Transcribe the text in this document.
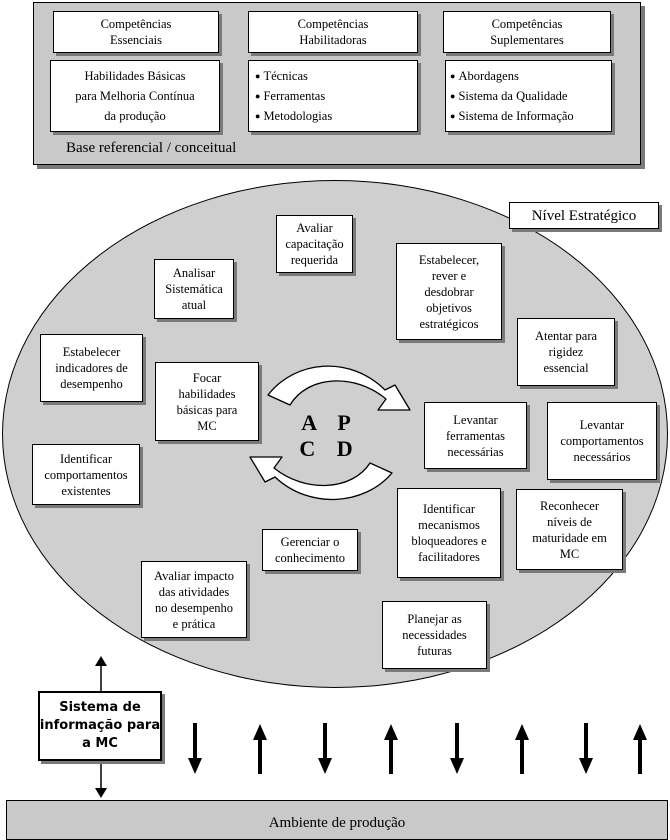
Competências
Essenciais
Competências
Habilitadoras
Competências
Suplementares
Habilidades Básicas
para Melhoria Contínua
da produção
● Técnicas
● Ferramentas
● Metodologias
● Abordagens
● Sistema da Qualidade
● Sistema de Informação
Base referencial / conceitual
Nível Estratégico
A P
C D
Avaliar
capacitação
requerida
Analisar
Sistemática
atual
Estabelecer,
rever e
desdobrar
objetivos
estratégicos
Atentar para
rigidez
essencial
Estabelecer
indicadores de
desempenho	Focar
habilidades
básicas para
MC	Levantar
ferramentas
necessárias
Levantar
comportamentos
necessários
Identificar
comportamentos
existentes
Identificar
mecanismos
bloqueadores e
facilitadores
Reconhecer
níveis de
maturidade em
MC
Gerenciar o
conhecimento
Avaliar impacto
das atividades
no desempenho
e prática	Planejar as
necessidades
futuras
Sistema de
informação para
a MC
Ambiente de produção
